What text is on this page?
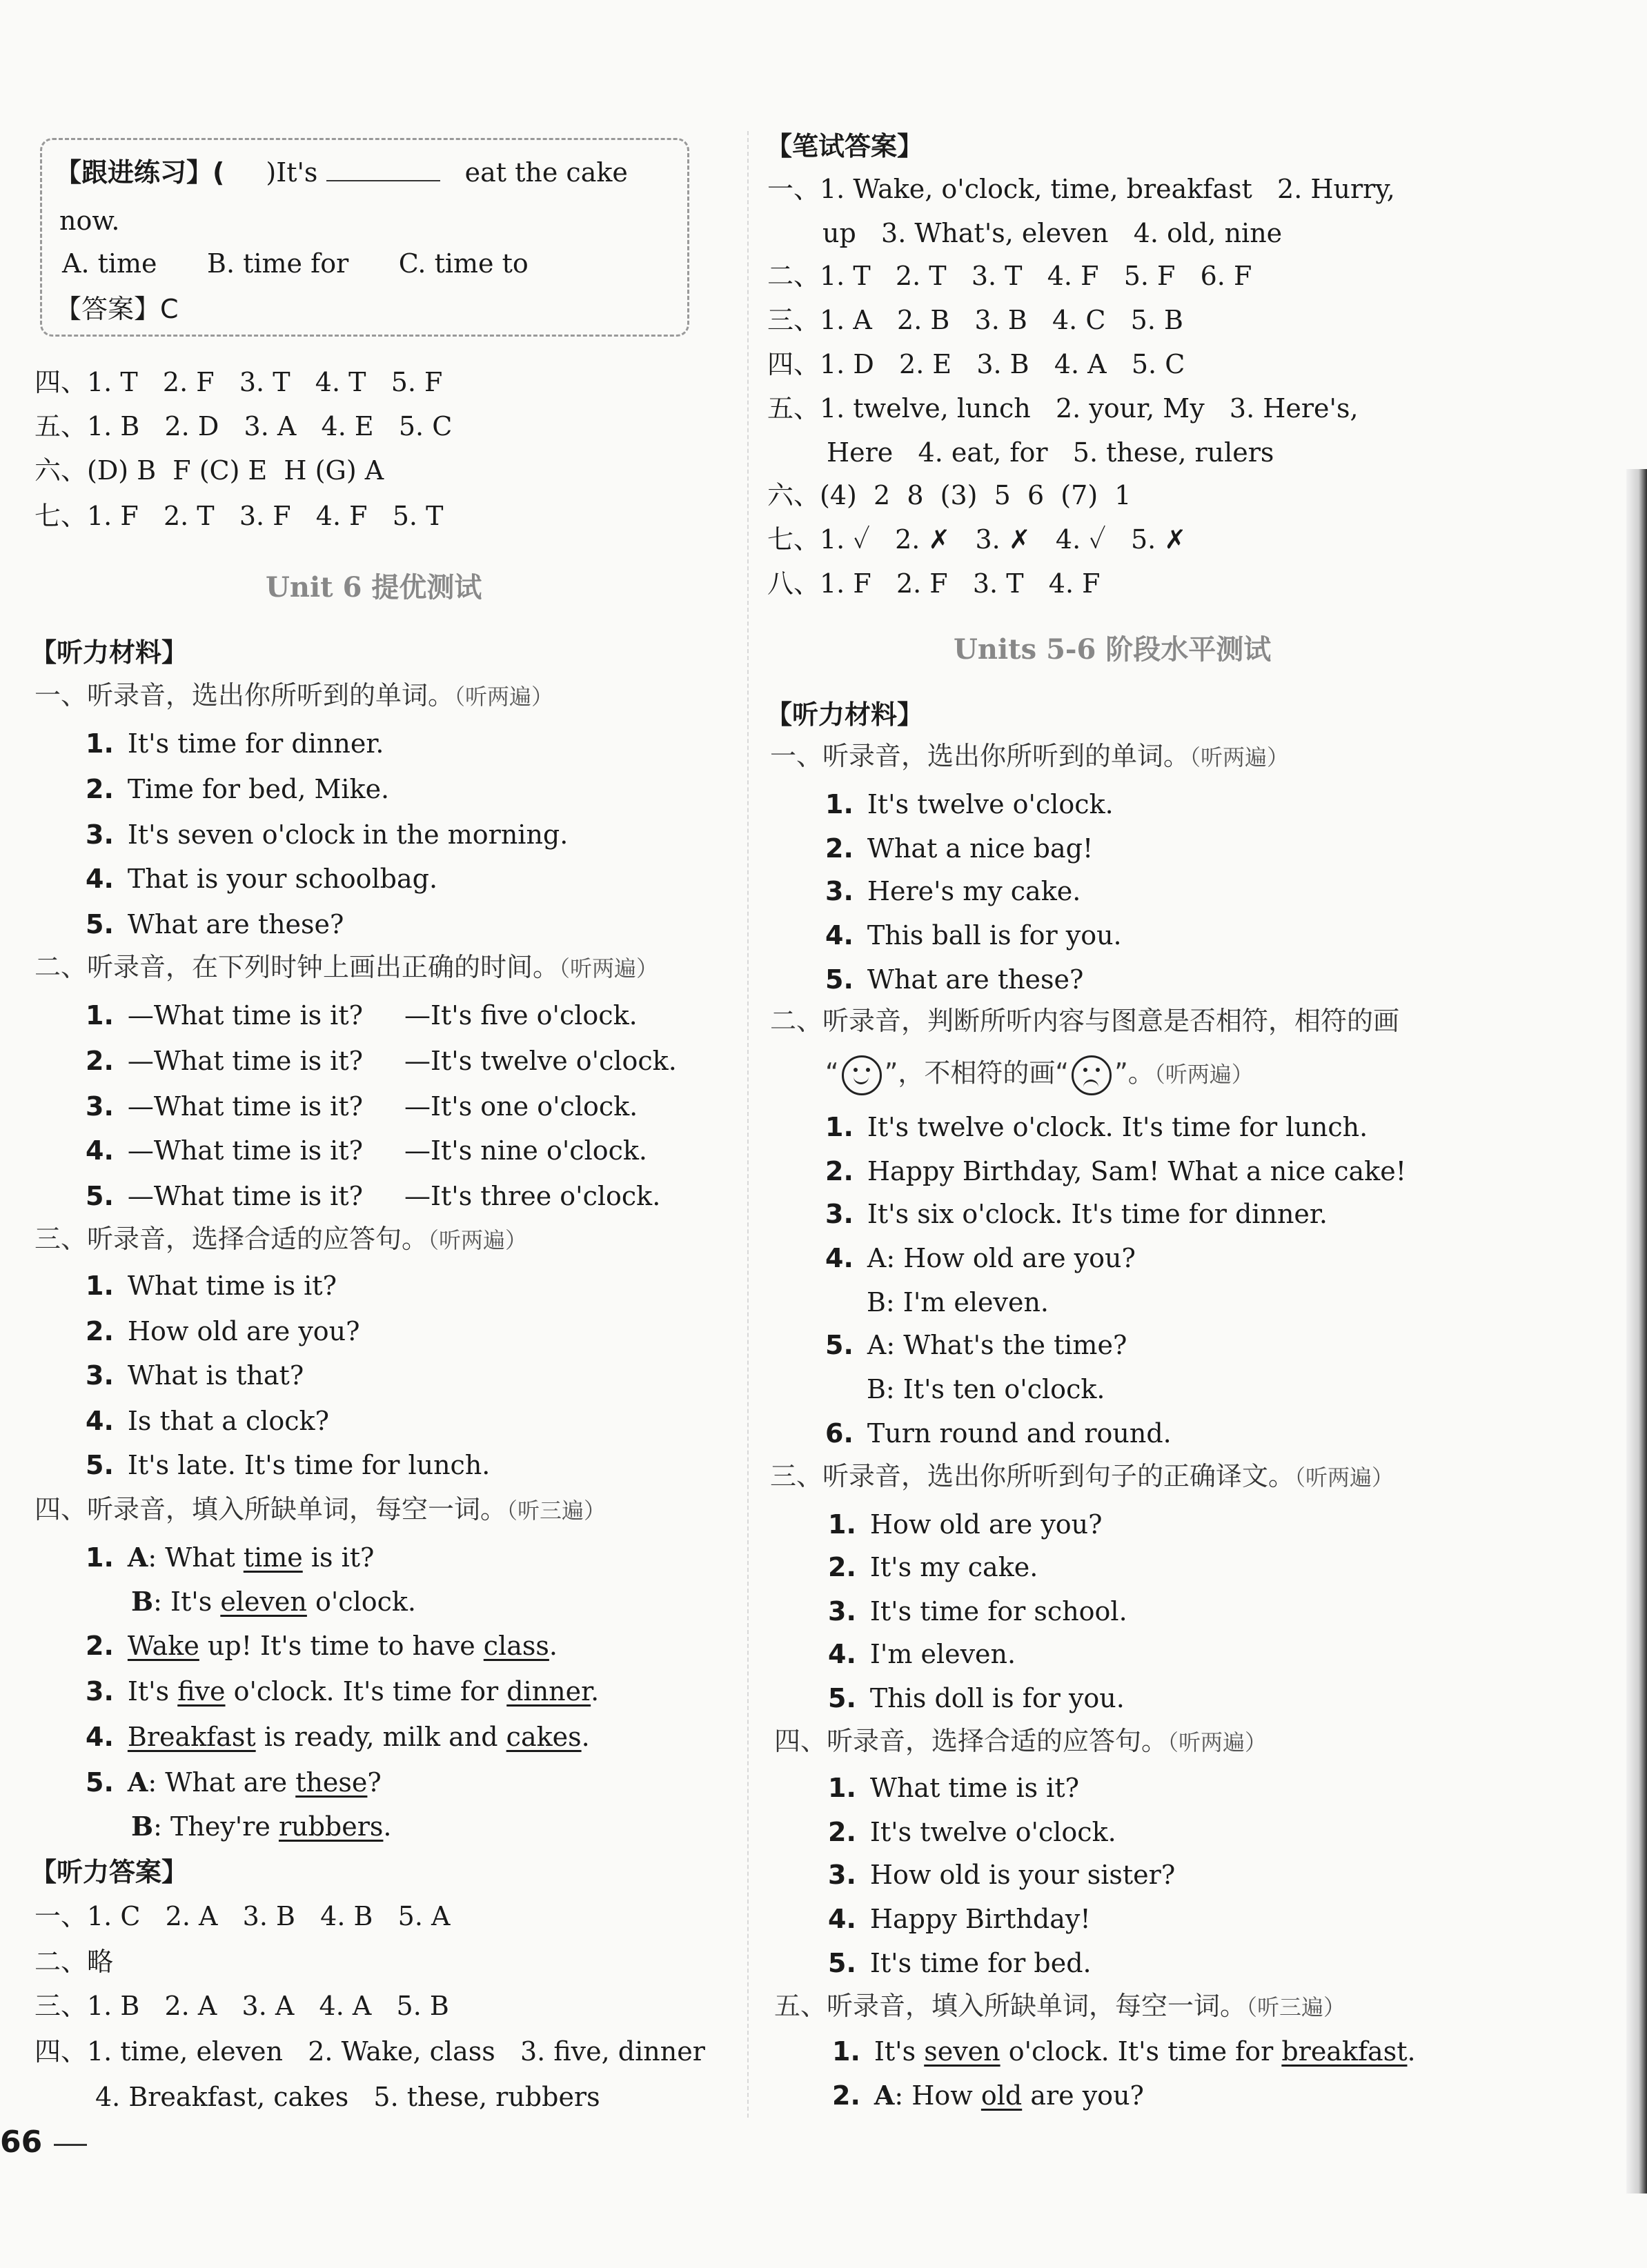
【跟进练习】( )It's	eat the cake
now.
A. time      B. time for      C. time to
【答案】C
四、1. T   2. F   3. T   4. T   5. F
五、1. B   2. D   3. A   4. E   5. C
六、(D) B  F (C) E  H (G) A
七、1. F   2. T   3. F   4. F   5. T
Unit 6 提优测试
【听力材料】
一、听录音，选出你所听到的单词。（听两遍）
1. It's time for dinner.
2. Time for bed, Mike.
3. It's seven o'clock in the morning.
4. That is your schoolbag.
5. What are these?
二、听录音，在下列时钟上画出正确的时间。（听两遍）
1. —What time is it? —It's five o'clock.
2. —What time is it? —It's twelve o'clock.
3. —What time is it? —It's one o'clock.
4. —What time is it? —It's nine o'clock.
5. —What time is it? —It's three o'clock.
三、听录音，选择合适的应答句。（听两遍）
1. What time is it?
2. How old are you?
3. What is that?
4. Is that a clock?
5. It's late. It's time for lunch.
四、听录音，填入所缺单词，每空一词。（听三遍）
1. A: What time is it?
B: It's eleven o'clock.
2. Wake up! It's time to have class.
3. It's five o'clock. It's time for dinner.
4. Breakfast is ready, milk and cakes.
5. A: What are these?
B: They're rubbers.
【听力答案】
一、1. C   2. A   3. B   4. B   5. A
二、略
三、1. B   2. A   3. A   4. A   5. B
四、1. time, eleven   2. Wake, class   3. five, dinner
4. Breakfast, cakes   5. these, rubbers
66
【笔试答案】
一、1. Wake, o'clock, time, breakfast   2. Hurry,
up   3. What's, eleven   4. old, nine
二、1. T   2. T   3. T   4. F   5. F   6. F
三、1. A   2. B   3. B   4. C   5. B
四、1. D   2. E   3. B   4. A   5. C
五、1. twelve, lunch   2. your, My   3. Here's,
Here   4. eat, for   5. these, rulers
六、(4)  2  8  (3)  5  6  (7)  1
七、1. ✓   2. ✗   3. ✗   4. ✓   5. ✗
八、1. F   2. F   3. T   4. F
Units 5-6 阶段水平测试
【听力材料】
一、听录音，选出你所听到的单词。（听两遍）
1. It's twelve o'clock.
2. What a nice bag!
3. Here's my cake.
4. This ball is for you.
5. What are these?
二、听录音，判断所听内容与图意是否相符，相符的画
“ ”，不相符的画“ ”。（听两遍）
1. It's twelve o'clock. It's time for lunch.
2. Happy Birthday, Sam! What a nice cake!
3. It's six o'clock. It's time for dinner.
4. A: How old are you?
B: I'm eleven.
5. A: What's the time?
B: It's ten o'clock.
6. Turn round and round.
三、听录音，选出你所听到句子的正确译文。（听两遍）
1. How old are you?
2. It's my cake.
3. It's time for school.
4. I'm eleven.
5. This doll is for you.
四、听录音，选择合适的应答句。（听两遍）
1. What time is it?
2. It's twelve o'clock.
3. How old is your sister?
4. Happy Birthday!
5. It's time for bed.
五、听录音，填入所缺单词，每空一词。（听三遍）
1. It's seven o'clock. It's time for breakfast.
2. A: How old are you?
